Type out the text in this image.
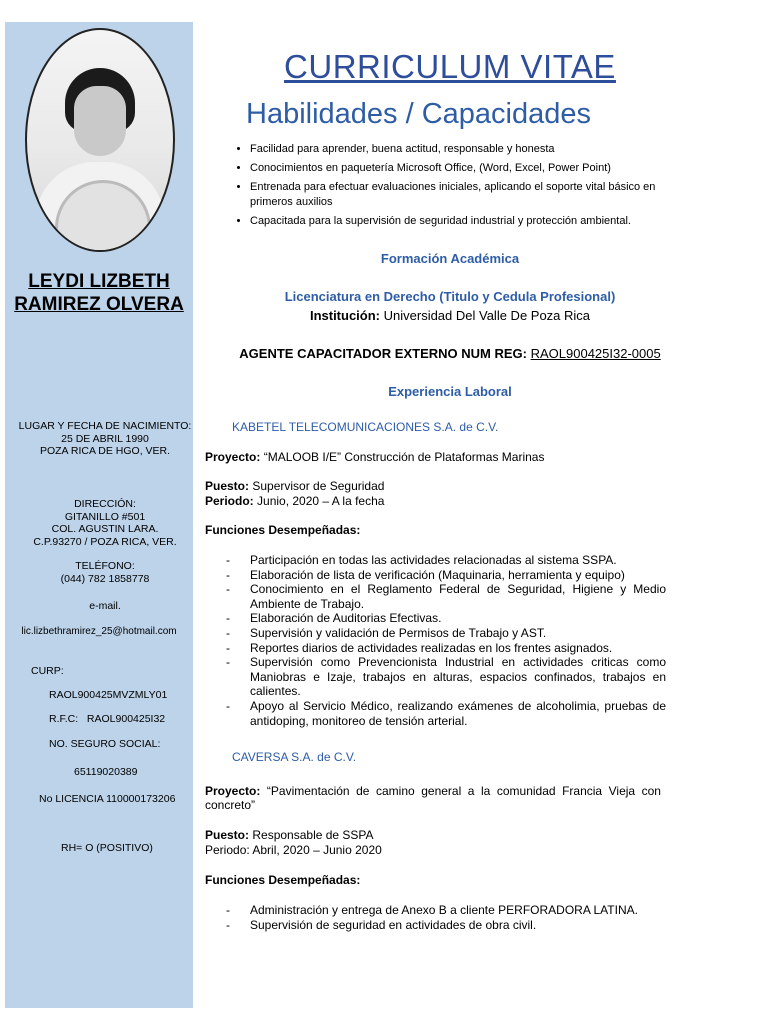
LEYDI LIZBETH RAMIREZ OLVERA
LUGAR Y FECHA DE NACIMIENTO:
25 DE ABRIL 1990
POZA RICA DE HGO, VER.
DIRECCIÓN:
GITANILLO #501
COL. AGUSTIN LARA.
C.P.93270 / POZA RICA, VER.
TELÉFONO:
(044) 782 1858778
e-mail.
lic.lizbethramirez_25@hotmail.com
CURP:
RAOL900425MVZMLY01
R.F.C:   RAOL900425I32
NO. SEGURO SOCIAL:
65119020389
No LICENCIA 110000173206
RH= O (POSITIVO)
CURRICULUM VITAE
Habilidades / Capacidades
• Facilidad para aprender, buena actitud, responsable y honesta
• Conocimientos en paquetería Microsoft Office, (Word, Excel, Power Point)
• Entrenada para efectuar evaluaciones iniciales, aplicando el soporte vital básico en primeros auxilios
• Capacitada para la supervisión de seguridad industrial y protección ambiental.
Formación Académica
Licenciatura en Derecho (Titulo y Cedula Profesional)
Institución: Universidad Del Valle De Poza Rica
AGENTE CAPACITADOR EXTERNO NUM REG: RAOL900425I32-0005
Experiencia Laboral
KABETEL TELECOMUNICACIONES S.A. de C.V.
Proyecto: “MALOOB I/E” Construcción de Plataformas Marinas
Puesto: Supervisor de Seguridad
Periodo: Junio, 2020 – A la fecha
Funciones Desempeñadas:
- Participación en todas las actividades relacionadas al sistema SSPA.
- Elaboración de lista de verificación (Maquinaria, herramienta y equipo)
- Conocimiento en el Reglamento Federal de Seguridad, Higiene y Medio Ambiente de Trabajo.
- Elaboración de Auditorias Efectivas.
- Supervisión y validación de Permisos de Trabajo y AST.
- Reportes diarios de actividades realizadas en los frentes asignados.
- Supervisión como Prevencionista Industrial en actividades criticas como Maniobras e Izaje, trabajos en alturas, espacios confinados, trabajos en calientes.
- Apoyo al Servicio Médico, realizando exámenes de alcoholimia, pruebas de antidoping, monitoreo de tensión arterial.
CAVERSA S.A. de C.V.
Proyecto: “Pavimentación de camino general a la comunidad Francia Vieja con concreto”
Puesto: Responsable de SSPA
Periodo: Abril, 2020 – Junio 2020
Funciones Desempeñadas:
- Administración y entrega de Anexo B a cliente PERFORADORA LATINA.
- Supervisión de seguridad en actividades de obra civil.
